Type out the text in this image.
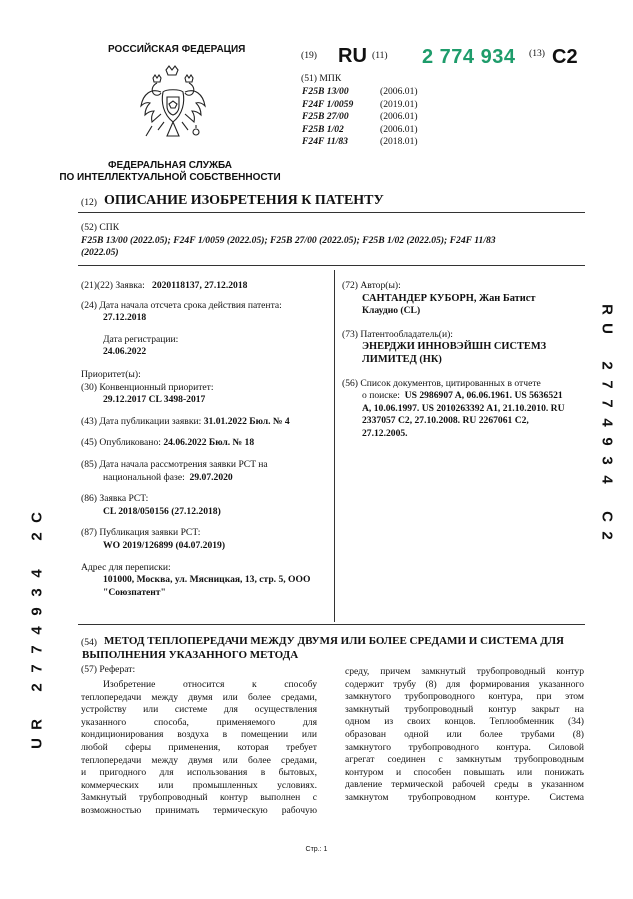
РОССИЙСКАЯ ФЕДЕРАЦИЯ
ФЕДЕРАЛЬНАЯ СЛУЖБА
ПО ИНТЕЛЛЕКТУАЛЬНОЙ СОБСТВЕННОСТИ
(19) RU (11) 2 774 934 (13) C2
(51) МПК
F25B 13/00	(2006.01)
F24F 1/0059	(2019.01)
F25B 27/00	(2006.01)
F25B 1/02	(2006.01)
F24F 11/83	(2018.01)
(12) ОПИСАНИЕ ИЗОБРЕТЕНИЯ К ПАТЕНТУ
(52) СПК
F25B 13/00 (2022.05); F24F 1/0059 (2022.05); F25B 27/00 (2022.05); F25B 1/02 (2022.05); F24F 11/83
(2022.05)
(21)(22) Заявка: 2020118137, 27.12.2018
(24) Дата начала отсчета срока действия патента:
27.12.2018
Дата регистрации:
24.06.2022
Приоритет(ы):
(30) Конвенционный приоритет:
29.12.2017 CL 3498-2017
(43) Дата публикации заявки: 31.01.2022 Бюл. № 4
(45) Опубликовано: 24.06.2022 Бюл. № 18
(85) Дата начала рассмотрения заявки PCT на
национальной фазе: 29.07.2020
(86) Заявка PCT:
CL 2018/050156 (27.12.2018)
(87) Публикация заявки PCT:
WO 2019/126899 (04.07.2019)
Адрес для переписки:
101000, Москва, ул. Мясницкая, 13, стр. 5, ООО
"Союзпатент"
(72) Автор(ы):
САНТАНДЕР КУБОРН, Жан Батист
Клаудио (CL)
(73) Патентообладатель(и):
ЭНЕРДЖИ ИННОВЭЙШН СИСТЕМЗ
ЛИМИТЕД (НК)
(56) Список документов, цитированных в отчете
о поиске: US 2986907 A, 06.06.1961. US 5636521
A, 10.06.1997. US 2010263392 A1, 21.10.2010. RU
2337057 C2, 27.10.2008. RU 2267061 C2,
27.12.2005.
(54) МЕТОД ТЕПЛОПЕРЕДАЧИ МЕЖДУ ДВУМЯ ИЛИ БОЛЕЕ СРЕДАМИ И СИСТЕМА ДЛЯ
ВЫПОЛНЕНИЯ УКАЗАННОГО МЕТОДА
(57) Реферат:
Изобретение относится к способу
теплопередачи между двумя или более средами,
устройству или системе для осуществления
указанного способа, применяемого для
кондиционирования воздуха в помещении или
любой сферы применения, которая требует
теплопередачи между двумя или более средами,
и пригодного для использования в бытовых,
коммерческих или промышленных условиях.
Замкнутый трубопроводный контур выполнен с
возможностью принимать термическую рабочую
среду, причем замкнутый трубопроводный контур
содержит трубу (8) для формирования указанного
замкнутого трубопроводного контура, при этом
замкнутый трубопроводный контур закрыт на
одном из своих концов. Теплообменник (34)
образован одной или более трубами (8)
замкнутого трубопроводного контура. Силовой
агрегат соединен с замкнутым трубопроводным
контуром и способен повышать или понижать
давление термической рабочей среды в указанном
замкнутом трубопроводном контуре. Система
C
2
4
3
9
4
7
7
2
R
U
R
U
2
7
7
4
9
3
4
C
2
Стр.: 1
